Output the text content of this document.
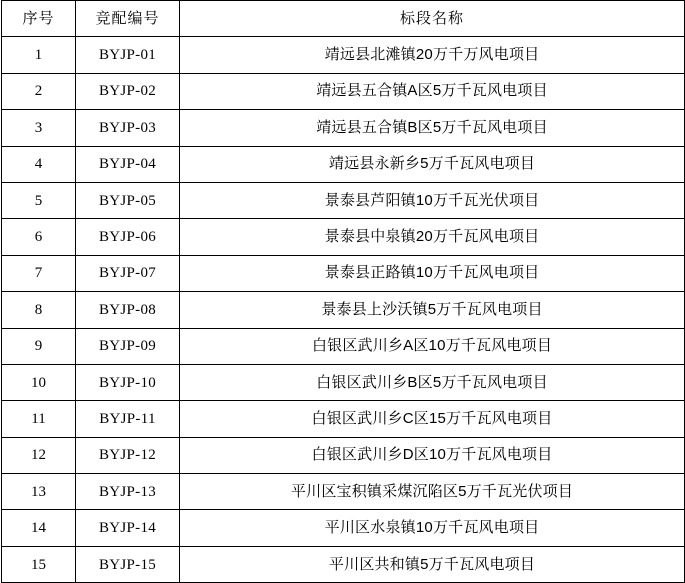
序号	竞配编号	标段名称
1	BYJP-01	靖远县北滩镇20万千万风电项目
2	BYJP-02	靖远县五合镇A区5万千瓦风电项目
3	BYJP-03	靖远县五合镇B区5万千瓦风电项目
4	BYJP-04	靖远县永新乡5万千瓦风电项目
5	BYJP-05	景泰县芦阳镇10万千瓦光伏项目
6	BYJP-06	景泰县中泉镇20万千瓦风电项目
7	BYJP-07	景泰县正路镇10万千瓦风电项目
8	BYJP-08	景泰县上沙沃镇5万千瓦风电项目
9	BYJP-09	白银区武川乡A区10万千瓦风电项目
10	BYJP-10	白银区武川乡B区5万千瓦风电项目
11	BYJP-11	白银区武川乡C区15万千瓦风电项目
12	BYJP-12	白银区武川乡D区10万千瓦风电项目
13	BYJP-13	平川区宝积镇采煤沉陷区5万千瓦光伏项目
14	BYJP-14	平川区水泉镇10万千瓦风电项目
15	BYJP-15	平川区共和镇5万千瓦风电项目
